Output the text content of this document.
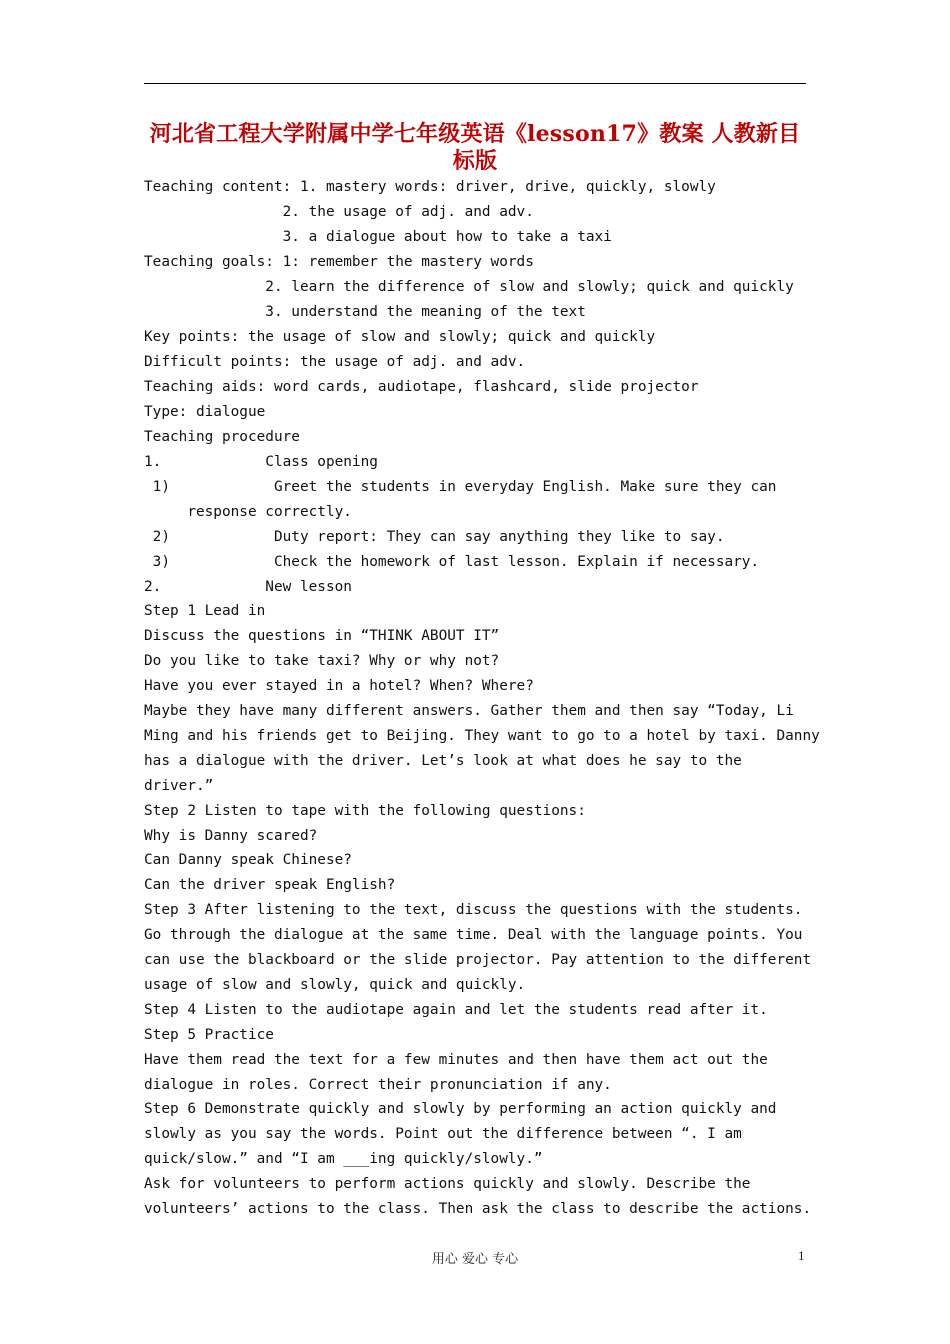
河北省工程大学附属中学七年级英语《lesson17》教案 人教新目标版
Teaching content: 1. mastery words: driver, drive, quickly, slowly
2. the usage of adj. and adv.
3. a dialogue about how to take a taxi
Teaching goals: 1: remember the mastery words
2. learn the difference of slow and slowly; quick and quickly
3. understand the meaning of the text
Key points: the usage of slow and slowly; quick and quickly
Difficult points: the usage of adj. and adv.
Teaching aids: word cards, audiotape, flashcard, slide projector
Type: dialogue
Teaching procedure
1.            Class opening
1)            Greet the students in everyday English. Make sure they can
response correctly.
2)            Duty report: They can say anything they like to say.
3)            Check the homework of last lesson. Explain if necessary.
2.            New lesson
Step 1 Lead in
Discuss the questions in “THINK ABOUT IT”
Do you like to take taxi? Why or why not?
Have you ever stayed in a hotel? When? Where?
Maybe they have many different answers. Gather them and then say “Today, Li
Ming and his friends get to Beijing. They want to go to a hotel by taxi. Danny
has a dialogue with the driver. Let’s look at what does he say to the
driver.”
Step 2 Listen to tape with the following questions:
Why is Danny scared?
Can Danny speak Chinese?
Can the driver speak English?
Step 3 After listening to the text, discuss the questions with the students.
Go through the dialogue at the same time. Deal with the language points. You
can use the blackboard or the slide projector. Pay attention to the different
usage of slow and slowly, quick and quickly.
Step 4 Listen to the audiotape again and let the students read after it.
Step 5 Practice
Have them read the text for a few minutes and then have them act out the
dialogue in roles. Correct their pronunciation if any.
Step 6 Demonstrate quickly and slowly by performing an action quickly and
slowly as you say the words. Point out the difference between “. I am
quick/slow.” and “I am ___ing quickly/slowly.”
Ask for volunteers to perform actions quickly and slowly. Describe the
volunteers’ actions to the class. Then ask the class to describe the actions.
用心 爱心 专心	1
